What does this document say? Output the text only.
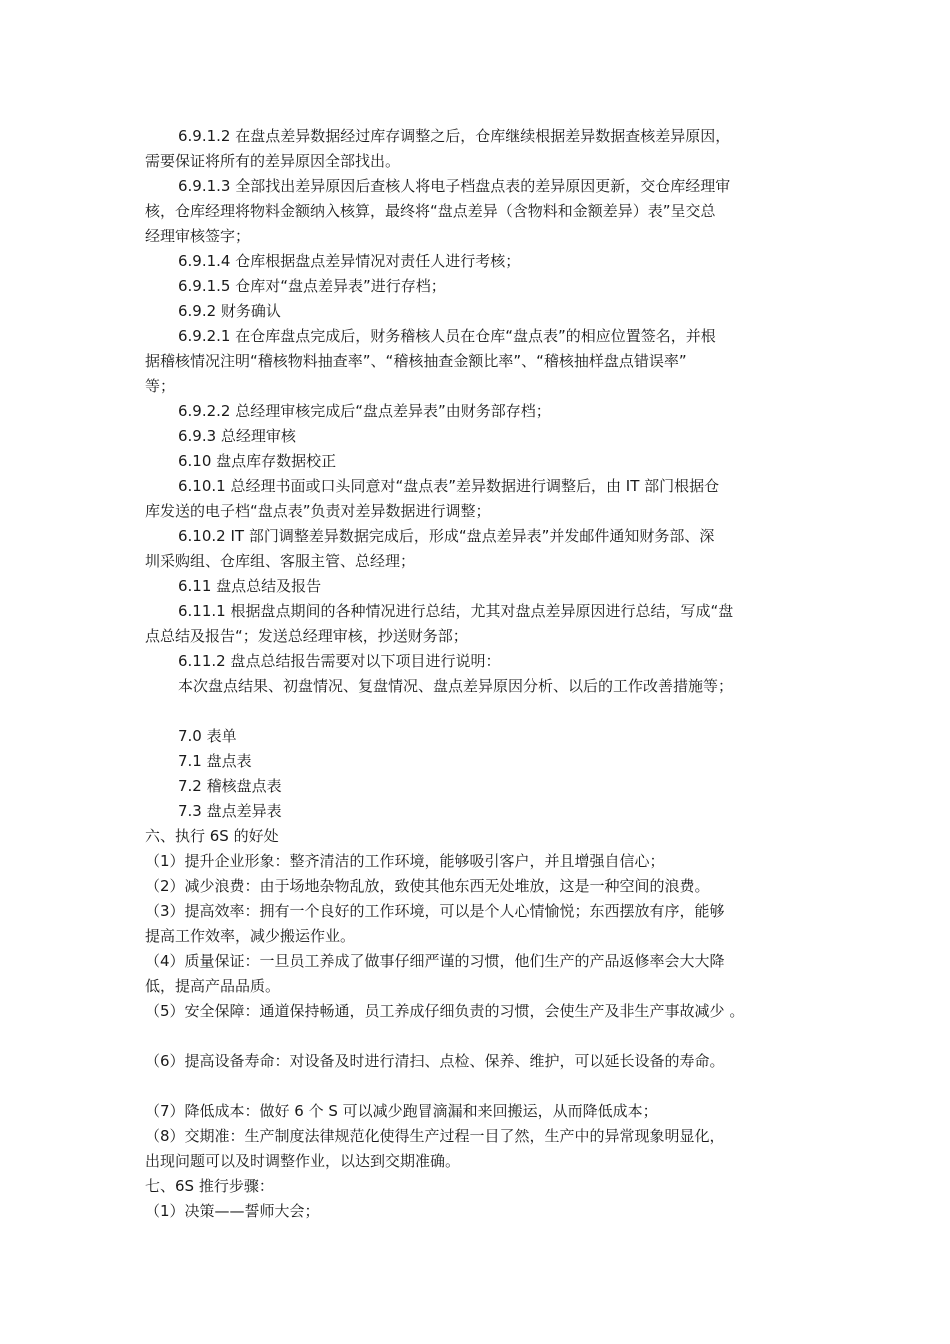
6.9.1.2 在盘点差异数据经过库存调整之后，仓库继续根据差异数据查核差异原因，
需要保证将所有的差异原因全部找出。
6.9.1.3 全部找出差异原因后查核人将电子档盘点表的差异原因更新，交仓库经理审
核，仓库经理将物料金额纳入核算，最终将“盘点差异（含物料和金额差异）表”呈交总
经理审核签字；
6.9.1.4 仓库根据盘点差异情况对责任人进行考核；
6.9.1.5 仓库对“盘点差异表”进行存档；
6.9.2 财务确认
6.9.2.1 在仓库盘点完成后，财务稽核人员在仓库“盘点表”的相应位置签名，并根
据稽核情况注明“稽核物料抽查率”、“稽核抽查金额比率”、“稽核抽样盘点错误率”
等；
6.9.2.2 总经理审核完成后“盘点差异表”由财务部存档；
6.9.3 总经理审核
6.10 盘点库存数据校正
6.10.1 总经理书面或口头同意对“盘点表”差异数据进行调整后，由 IT 部门根据仓
库发送的电子档“盘点表”负责对差异数据进行调整；
6.10.2 IT 部门调整差异数据完成后，形成“盘点差异表”并发邮件通知财务部、深
圳采购组、仓库组、客服主管、总经理；
6.11 盘点总结及报告
6.11.1 根据盘点期间的各种情况进行总结，尤其对盘点差异原因进行总结，写成“盘
点总结及报告“；发送总经理审核，抄送财务部；
6.11.2 盘点总结报告需要对以下项目进行说明：
本次盘点结果、初盘情况、复盘情况、盘点差异原因分析、以后的工作改善措施等；
7.0 表单
7.1 盘点表
7.2 稽核盘点表
7.3 盘点差异表
六、执行 6S 的好处
（1）提升企业形象：整齐清洁的工作环境，能够吸引客户，并且增强自信心；
（2）减少浪费：由于场地杂物乱放，致使其他东西无处堆放，这是一种空间的浪费。
（3）提高效率：拥有一个良好的工作环境，可以是个人心情愉悦；东西摆放有序，能够
提高工作效率，减少搬运作业。
（4）质量保证：一旦员工养成了做事仔细严谨的习惯，他们生产的产品返修率会大大降
低，提高产品品质。
（5）安全保障：通道保持畅通，员工养成仔细负责的习惯，会使生产及非生产事故减少 。
（6）提高设备寿命：对设备及时进行清扫、点检、保养、维护，可以延长设备的寿命。
（7）降低成本：做好 6 个 S 可以减少跑冒滴漏和来回搬运，从而降低成本；
（8）交期准：生产制度法律规范化使得生产过程一目了然，生产中的异常现象明显化，
出现问题可以及时调整作业，以达到交期准确。
七、6S 推行步骤：
（1）决策——誓师大会；
